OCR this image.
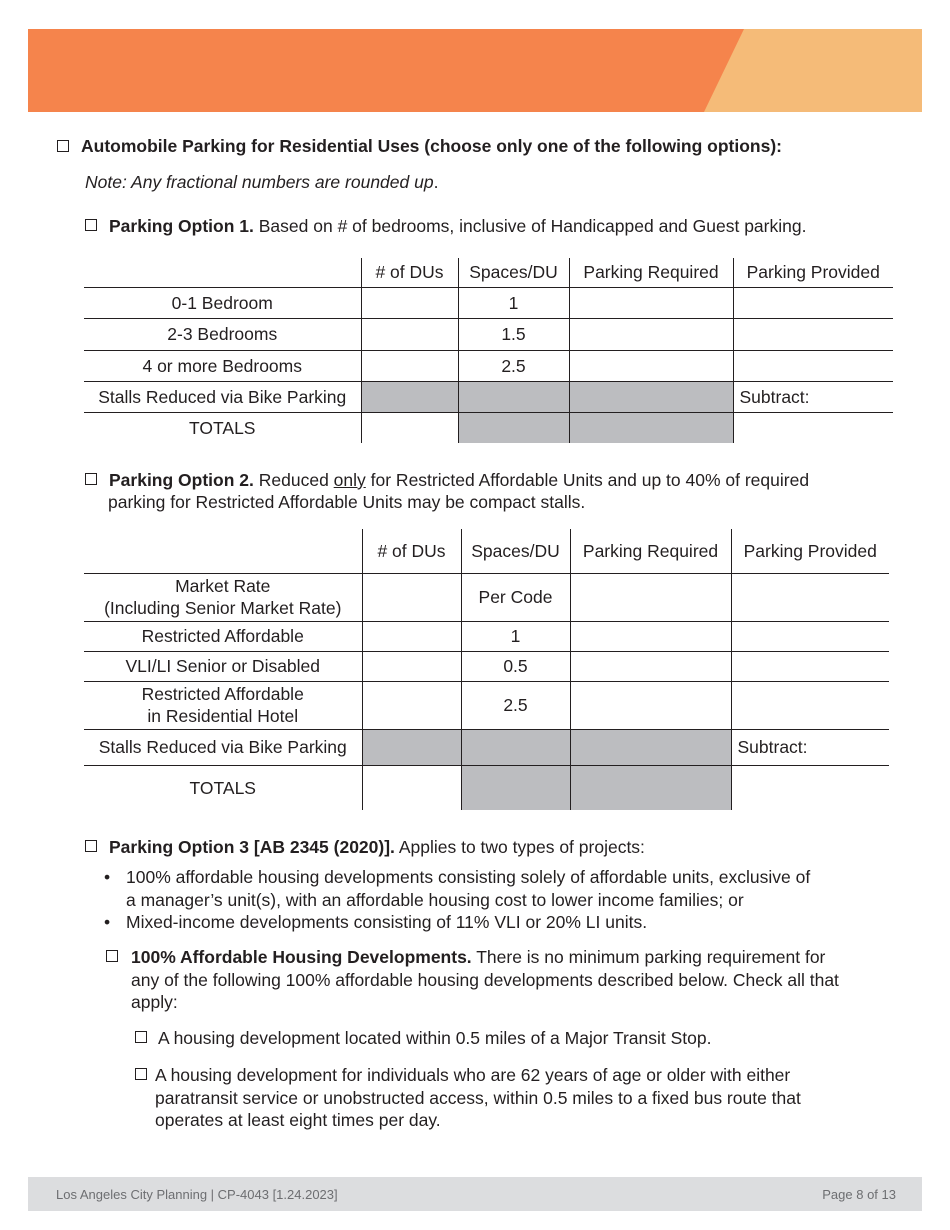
Automobile Parking for Residential Uses (choose only one of the following options):
Note: Any fractional numbers are rounded up.
Parking Option 1. Based on # of bedrooms, inclusive of Handicapped and Guest parking.
	# of DUs	Spaces/DU	Parking Required	Parking Provided
0-1 Bedroom		1		
2-3 Bedrooms		1.5		
4 or more Bedrooms		2.5		
Stalls Reduced via Bike Parking				Subtract:
TOTALS				
Parking Option 2. Reduced only for Restricted Affordable Units and up to 40% of required
parking for Restricted Affordable Units may be compact stalls.
	# of DUs	Spaces/DU	Parking Required	Parking Provided
Market Rate
(Including Senior Market Rate)		Per Code		
Restricted Affordable		1		
VLI/LI Senior or Disabled		0.5		
Restricted Affordable
in Residential Hotel		2.5		
Stalls Reduced via Bike Parking				Subtract:
TOTALS				
Parking Option 3 [AB 2345 (2020)]. Applies to two types of projects:
• 100% affordable housing developments consisting solely of affordable units, exclusive of
a manager’s unit(s), with an affordable housing cost to lower income families; or
• Mixed-income developments consisting of 11% VLI or 20% LI units.
100% Affordable Housing Developments. There is no minimum parking requirement for
any of the following 100% affordable housing developments described below. Check all that
apply:
A housing development located within 0.5 miles of a Major Transit Stop.
A housing development for individuals who are 62 years of age or older with either
paratransit service or unobstructed access, within 0.5 miles to a fixed bus route that
operates at least eight times per day.
Los Angeles City Planning | CP-4043 [1.24.2023]	Page 8 of 13
